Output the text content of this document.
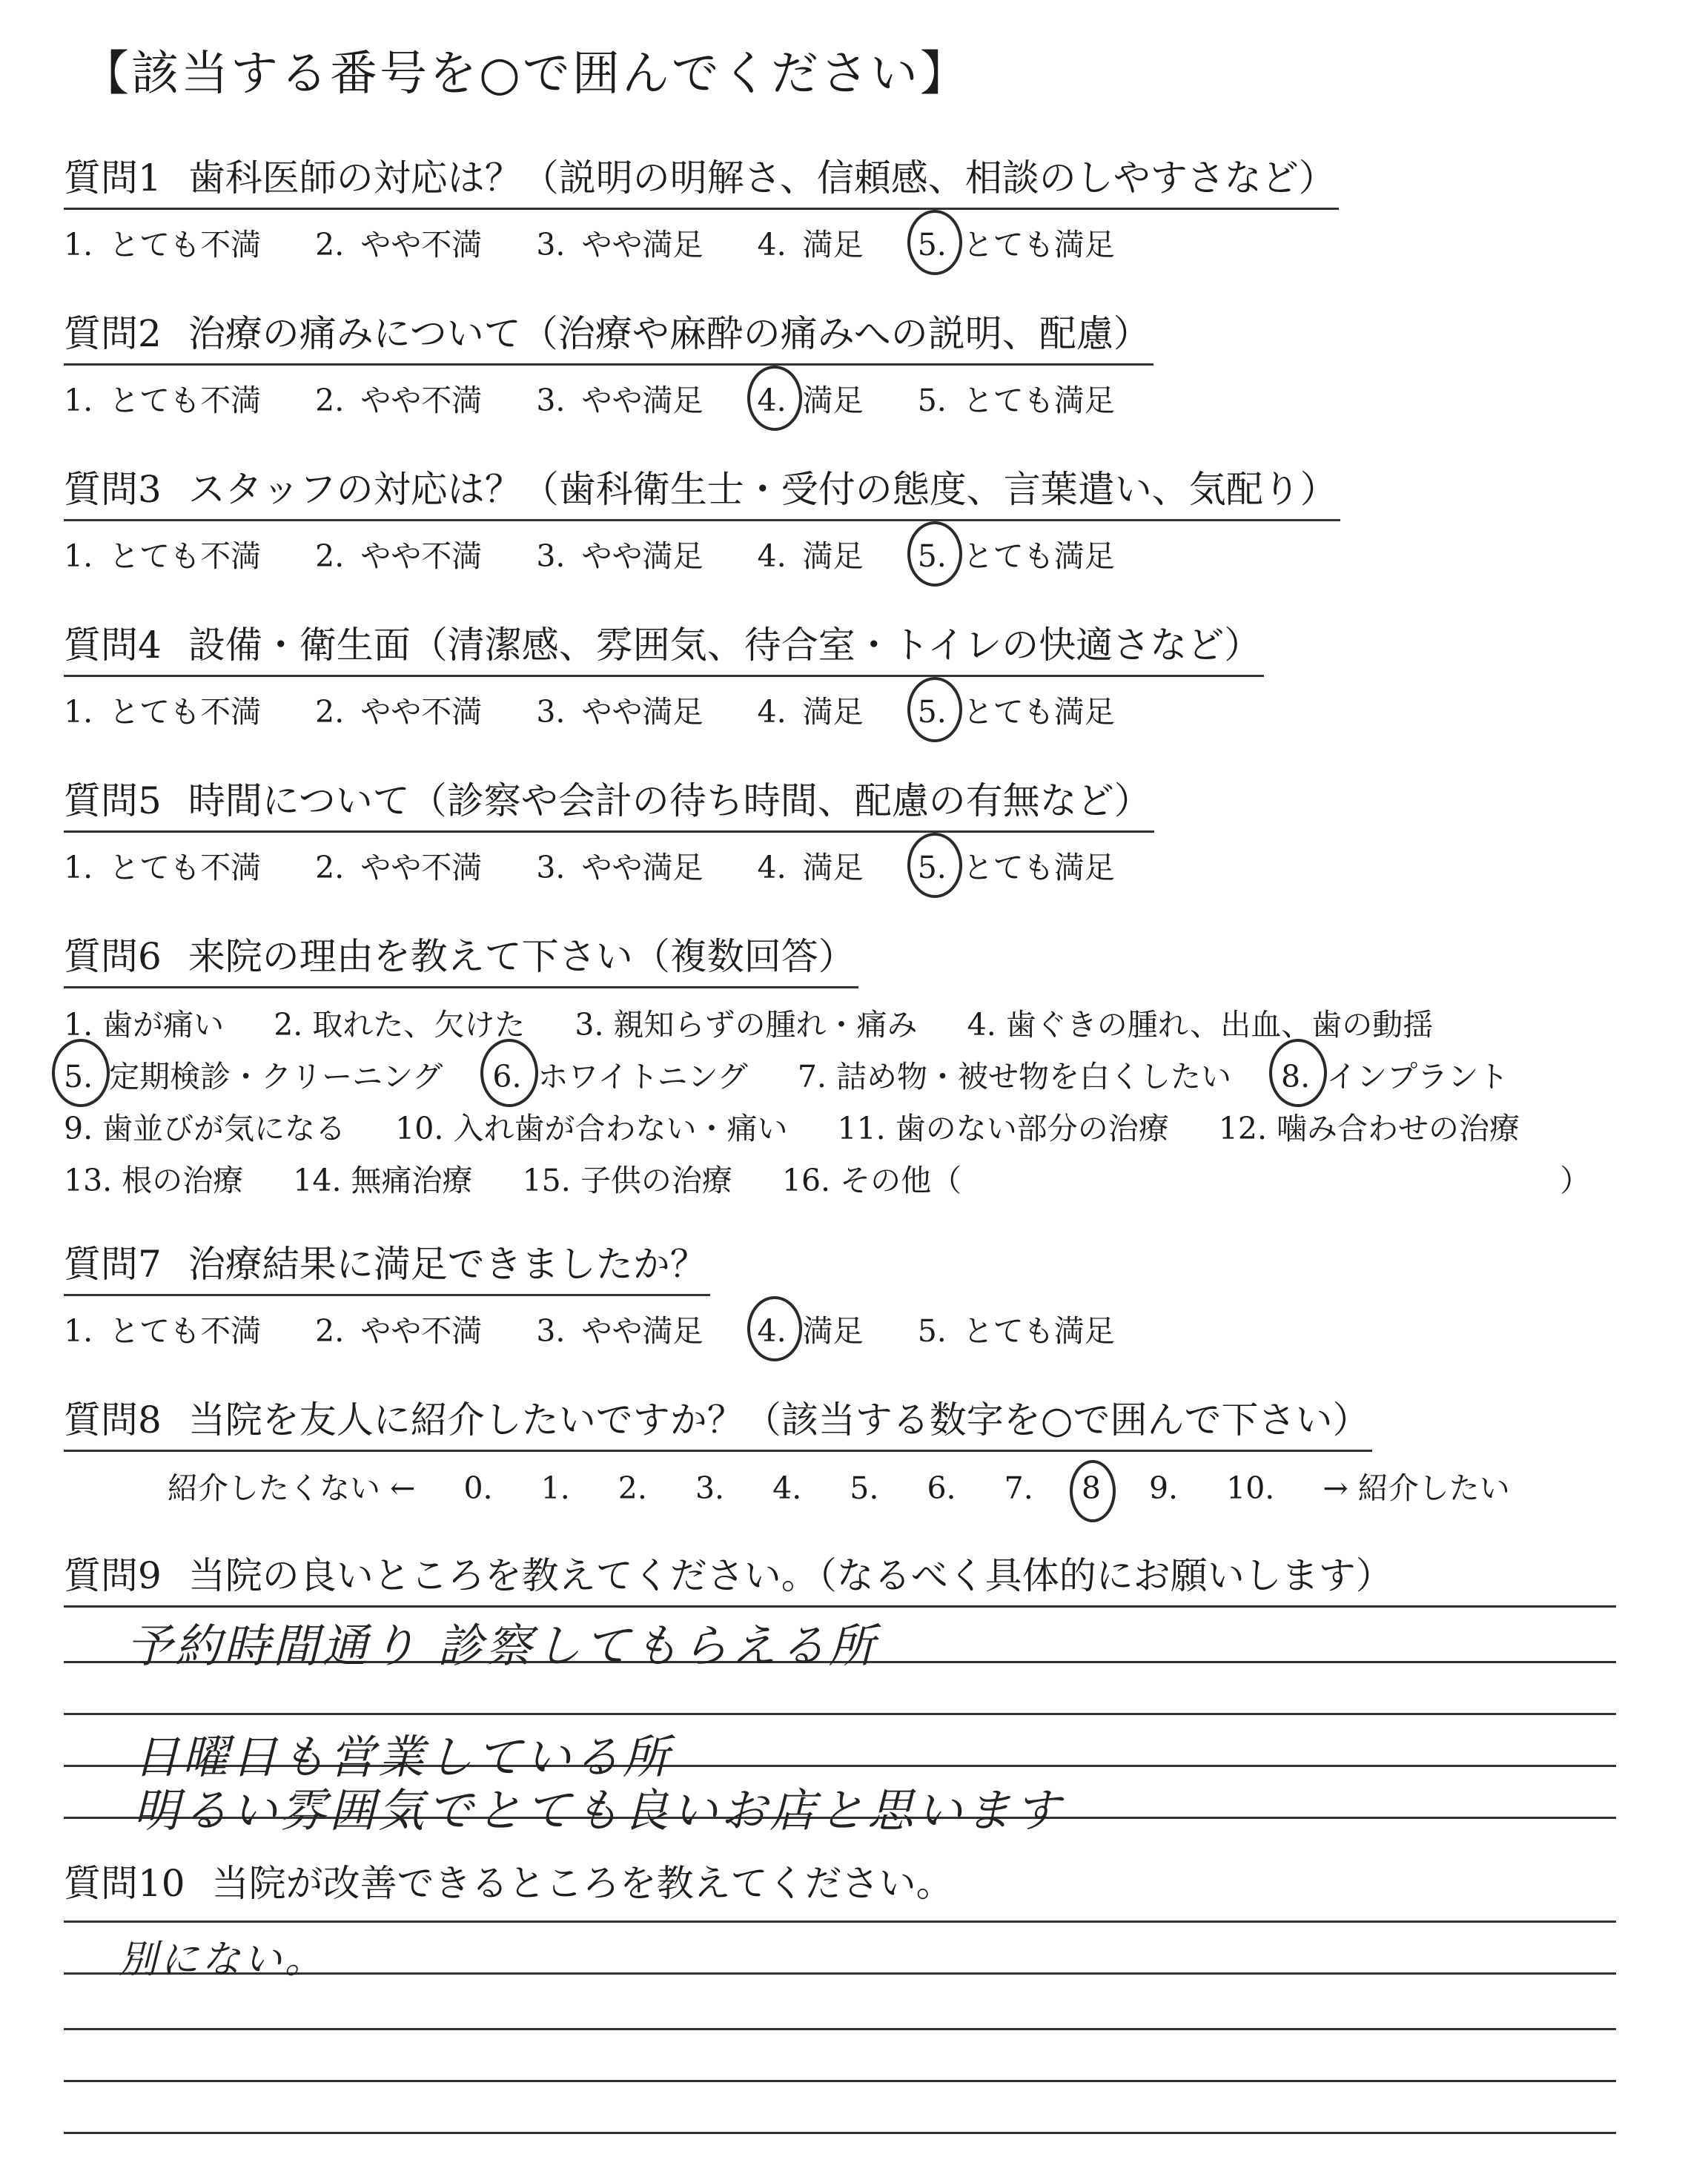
【該当する番号を○で囲んでください】
質問1 歯科医師の対応は？（説明の明解さ、信頼感、相談のしやすさなど）
1. とても不満 2. やや不満 3. やや満足 4. 満足 5. とても満足
質問2 治療の痛みについて（治療や麻酔の痛みへの説明、配慮）
1. とても不満 2. やや不満 3. やや満足 4. 満足 5. とても満足
質問3 スタッフの対応は？（歯科衛生士・受付の態度、言葉遣い、気配り）
1. とても不満 2. やや不満 3. やや満足 4. 満足 5. とても満足
質問4 設備・衛生面（清潔感、雰囲気、待合室・トイレの快適さなど）
1. とても不満 2. やや不満 3. やや満足 4. 満足 5. とても満足
質問5 時間について（診察や会計の待ち時間、配慮の有無など）
1. とても不満 2. やや不満 3. やや満足 4. 満足 5. とても満足
質問6 来院の理由を教えて下さい（複数回答）
1. 歯が痛い 2. 取れた、欠けた 3. 親知らずの腫れ・痛み 4. 歯ぐきの腫れ、出血、歯の動揺
5. 定期検診・クリーニング 6. ホワイトニング 7. 詰め物・被せ物を白くしたい 8. インプラント
9. 歯並びが気になる 10. 入れ歯が合わない・痛い 11. 歯のない部分の治療 12. 噛み合わせの治療
13. 根の治療 14. 無痛治療 15. 子供の治療 16. その他（	）
質問7 治療結果に満足できましたか？
1. とても不満 2. やや不満 3. やや満足 4. 満足 5. とても満足
質問8 当院を友人に紹介したいですか？（該当する数字を○で囲んで下さい）
紹介したくない ← 0. 1. 2. 3. 4. 5. 6. 7. 8 9. 10. → 紹介したい
質問9 当院の良いところを教えてください。（なるべく具体的にお願いします）
予約時間通り 診察してもらえる所
日曜日も営業している所
明るい雰囲気でとても良いお店と思います
質問10 当院が改善できるところを教えてください。
別にない。
